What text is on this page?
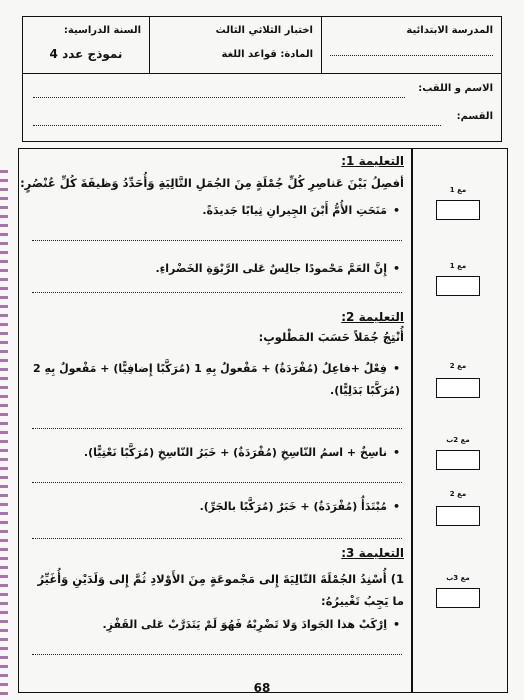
المدرسة الابتدائية
اختبار الثلاثي الثالث
المادة: قواعد اللغة
السنة الدراسية:
نموذج عدد 4
الاسم و اللقب:
القسم:
التعليمة 1:
أفصِلُ بَيْنَ عَناصِرِ كُلِّ جُمْلَةٍ مِنَ الجُمَلِ التَّالِيَةِ وَأُحَدِّدُ وَظيفَةَ كُلِّ عُنْصُرٍ:
•مَنَحَتِ الأُمُّ أَبْنَ الجِيرانِ ثِيابًا جَديدَةً.
مع 1
•إِنَّ العَمَّ مَحْمودًا جالِسٌ عَلى الرَّبْوَةِ الخَضْراءِ.	مع 1
التعليمة 2:
أُنْتِجُ جُمَلاً حَسَبَ المَطْلوبِ:
•فِعْلٌ +فاعِلٌ (مُفْرَدَةٌ) + مَفْعولٌ بِهِ 1 (مُرَكَّبًا إِضافِيًّا) + مَفْعولٌ بِهِ 2
(مُرَكَّبًا بَدَلِيًّا).
مع 2
•ناسِخٌ + اسمُ النّاسِخِ (مُفْرَدَةٌ) + خَبَرُ النّاسِخِ (مُرَكَّبًا نَعْتِيًّا).
مع 2ب
•مُبْتَدَأٌ (مُفْرَدَةٌ) + خَبَرٌ (مُرَكَّبًا بالجَرِّ).
مع 2
التعليمة 3:
1) أُسْنِدُ الجُمْلَةَ التّالِيَةَ إِلى مَجْموعَةٍ مِنَ الأَوْلادِ ثُمَّ إِلى وَلَدَيْنِ وَأُغَيِّرُ
ما يَجِبُ تَغْييرُهُ:
•اِرْكَبْ هذا الجَوادَ وَلا تَضْرِبْهُ فَهُوَ لَمْ يَتَدَرَّبْ عَلى القَفْزِ.
مع 3ب
68
